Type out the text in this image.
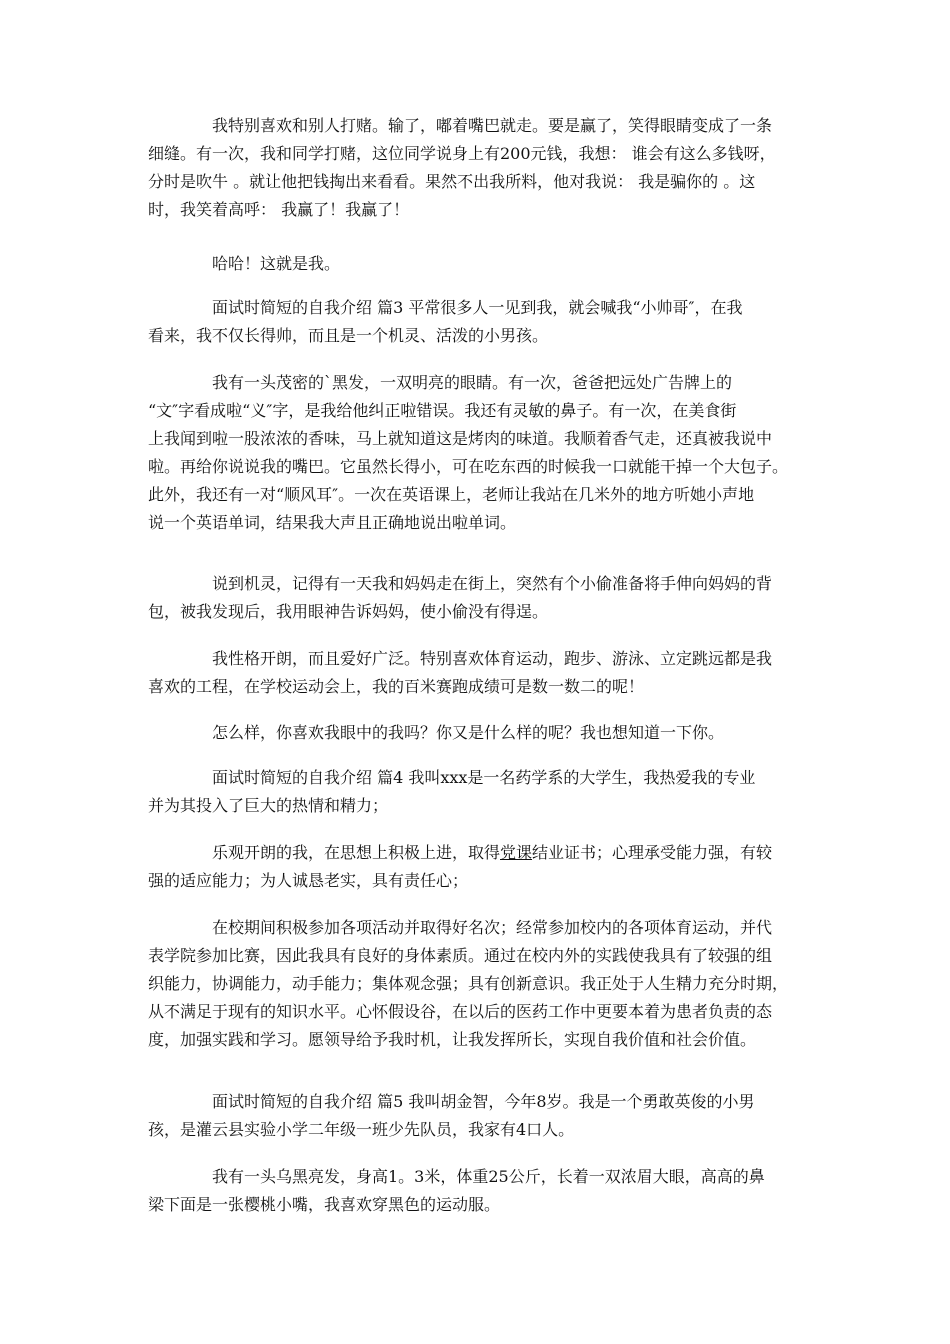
我特别喜欢和别人打赌。输了，嘟着嘴巴就走。要是赢了，笑得眼睛变成了一条
细缝。有一次，我和同学打赌，这位同学说身上有200元钱，我想： 谁会有这么多钱呀，
分时是吹牛 。就让他把钱掏出来看看。果然不出我所料，他对我说： 我是骗你的 。这
时，我笑着高呼： 我赢了！我赢了！
哈哈！这就是我。
面试时简短的自我介绍 篇3 平常很多人一见到我，就会喊我“小帅哥″，在我
看来，我不仅长得帅，而且是一个机灵、活泼的小男孩。
我有一头茂密的`黑发，一双明亮的眼睛。有一次，爸爸把远处广告牌上的
“文″字看成啦“义″字，是我给他纠正啦错误。我还有灵敏的鼻子。有一次，在美食街
上我闻到啦一股浓浓的香味，马上就知道这是烤肉的味道。我顺着香气走，还真被我说中
啦。再给你说说我的嘴巴。它虽然长得小，可在吃东西的时候我一口就能干掉一个大包子。
此外，我还有一对“顺风耳″。一次在英语课上，老师让我站在几米外的地方听她小声地
说一个英语单词，结果我大声且正确地说出啦单词。
说到机灵，记得有一天我和妈妈走在街上，突然有个小偷准备将手伸向妈妈的背
包，被我发现后，我用眼神告诉妈妈，使小偷没有得逞。
我性格开朗，而且爱好广泛。特别喜欢体育运动，跑步、游泳、立定跳远都是我
喜欢的工程，在学校运动会上，我的百米赛跑成绩可是数一数二的呢！
怎么样，你喜欢我眼中的我吗？你又是什么样的呢？我也想知道一下你。
面试时简短的自我介绍 篇4 我叫xxx是一名药学系的大学生，我热爱我的专业
并为其投入了巨大的热情和精力；
乐观开朗的我，在思想上积极上进，取得党课结业证书；心理承受能力强，有较
强的适应能力；为人诚恳老实，具有责任心；
在校期间积极参加各项活动并取得好名次；经常参加校内的各项体育运动，并代
表学院参加比赛，因此我具有良好的身体素质。通过在校内外的实践使我具有了较强的组
织能力，协调能力，动手能力；集体观念强；具有创新意识。我正处于人生精力充分时期，
从不满足于现有的知识水平。心怀假设谷，在以后的医药工作中更要本着为患者负责的态
度，加强实践和学习。愿领导给予我时机，让我发挥所长，实现自我价值和社会价值。
面试时简短的自我介绍 篇5 我叫胡金智，今年8岁。我是一个勇敢英俊的小男
孩，是灌云县实验小学二年级一班少先队员，我家有4口人。
我有一头乌黑亮发，身高1。3米，体重25公斤，长着一双浓眉大眼，高高的鼻
梁下面是一张樱桃小嘴，我喜欢穿黑色的运动服。
